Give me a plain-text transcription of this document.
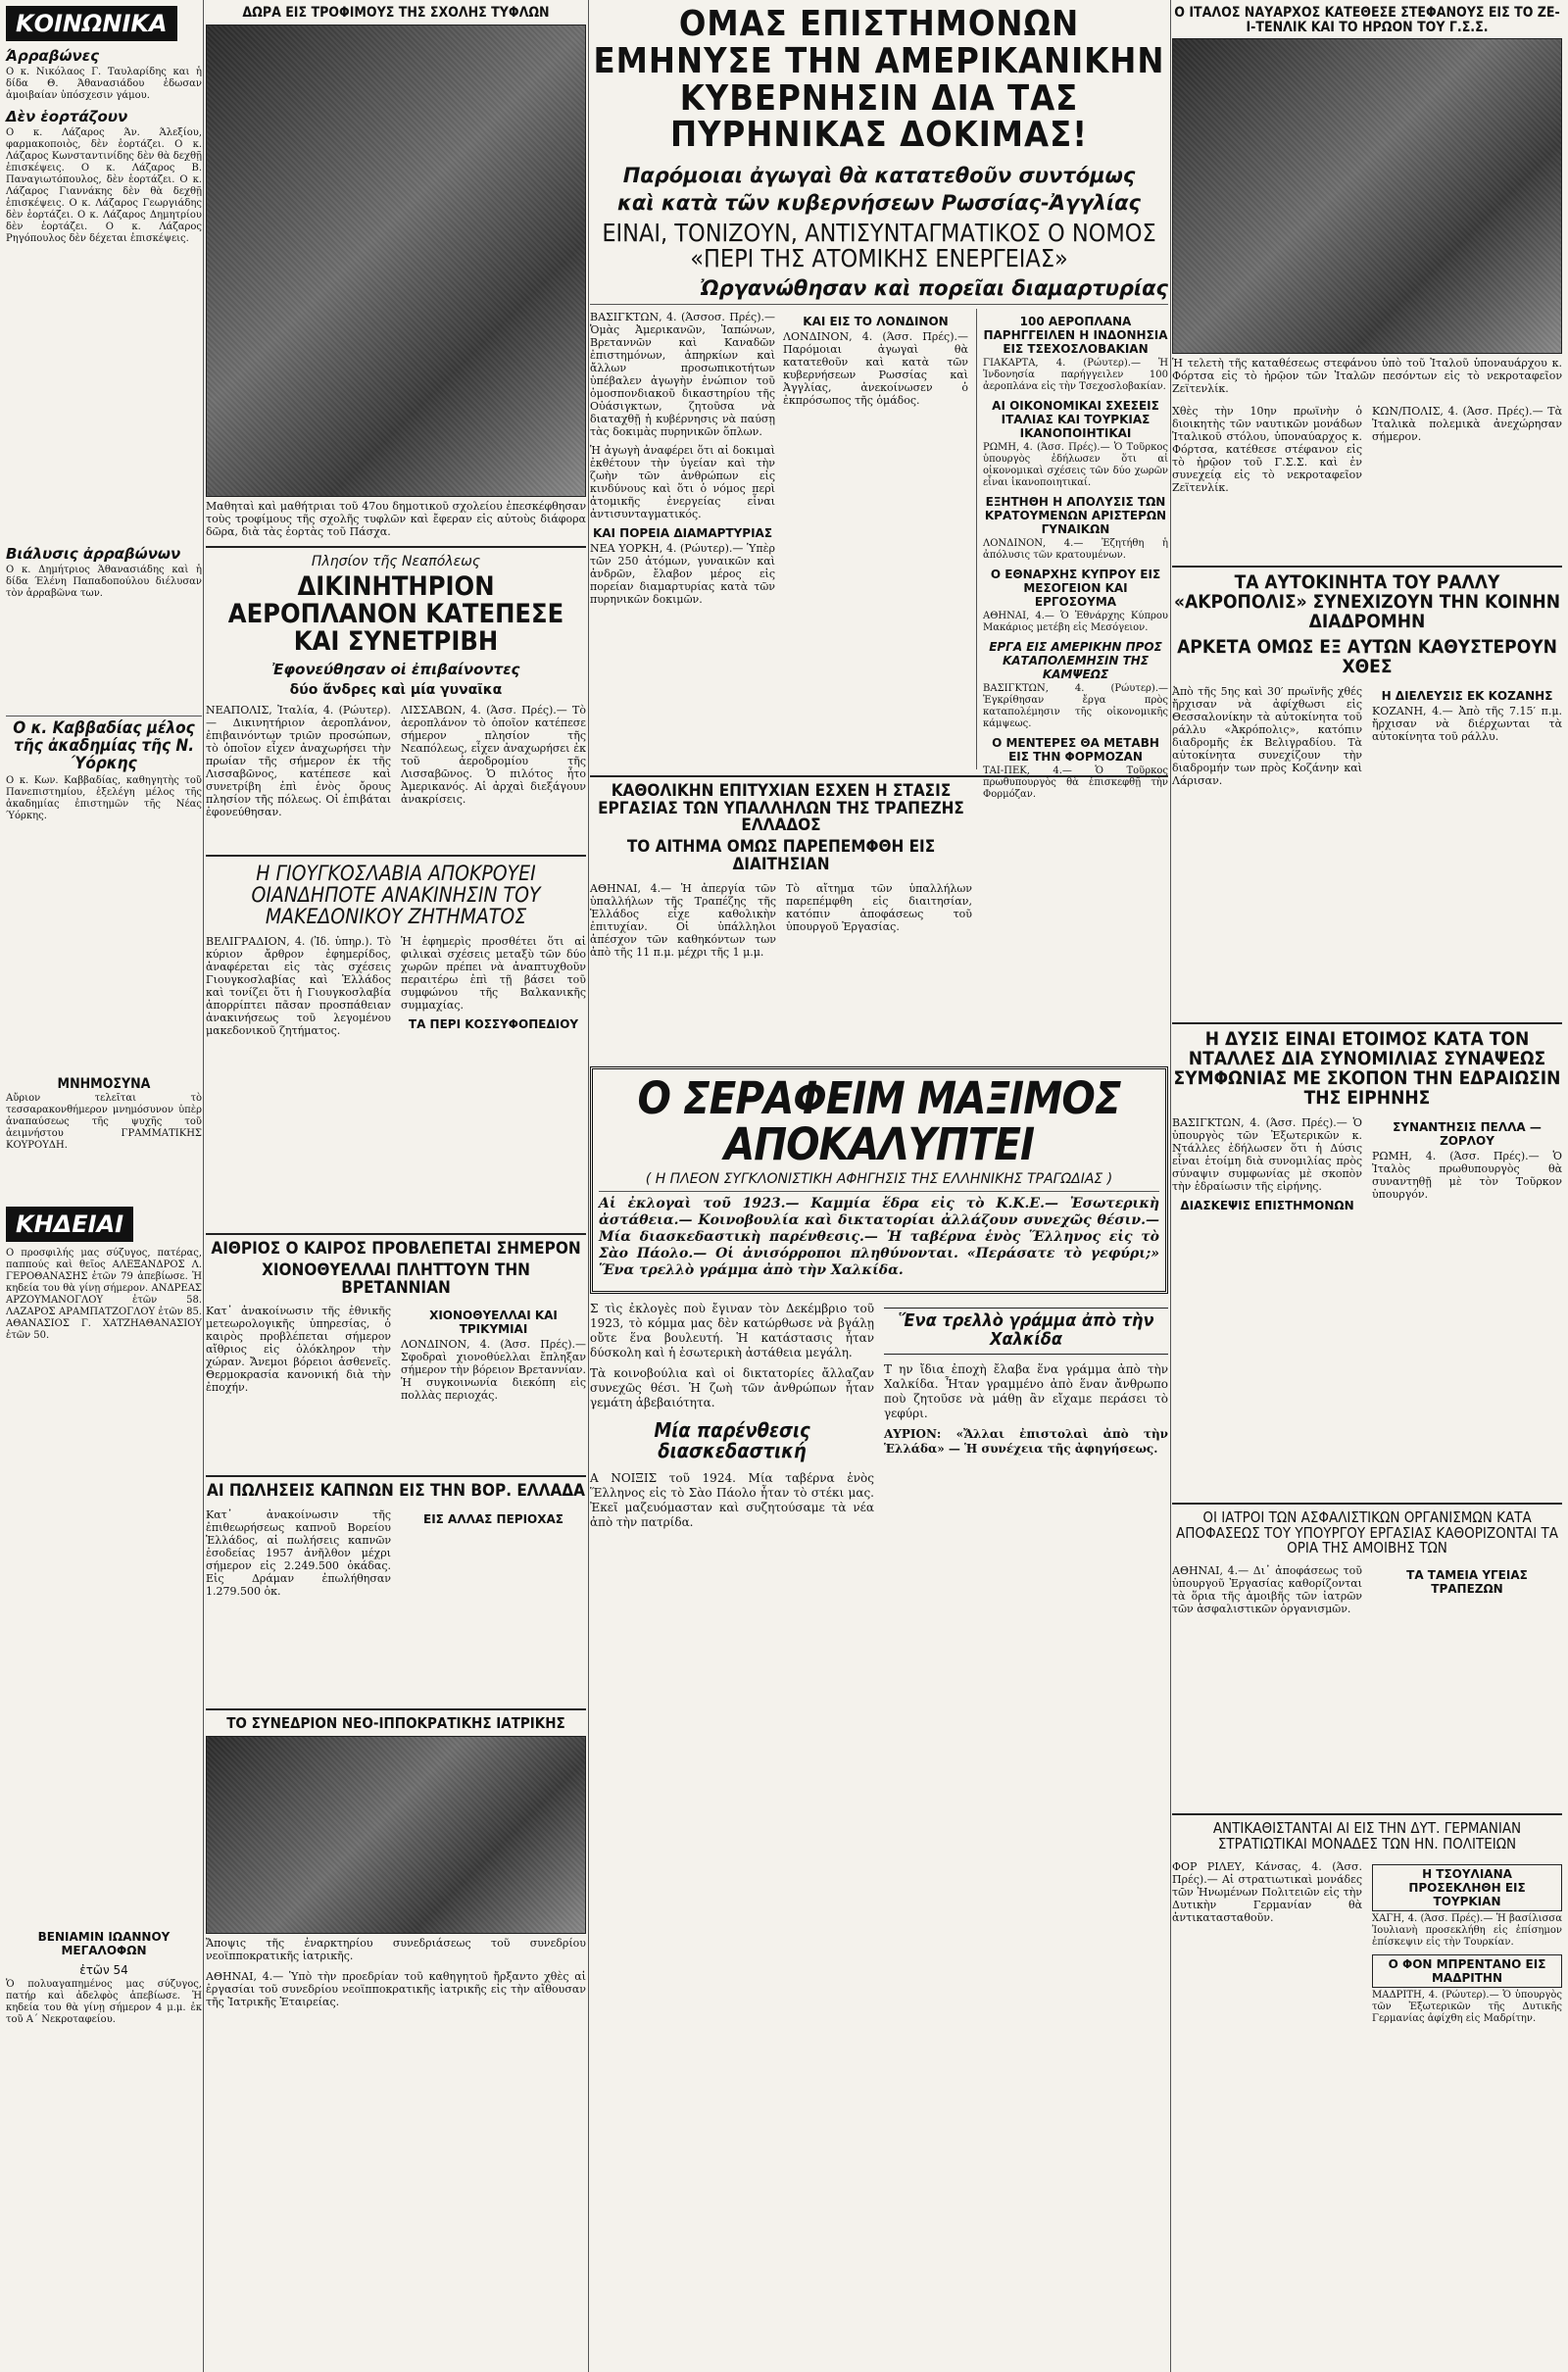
ΚΟΙΝΩΝΙΚΑ
Άρραβώνες

Ο κ. Νικόλαος Γ. Ταυλαρίδης και ἡ δίδα Θ. Άθανασιάδου ἐδωσαν ἀμοιβαίαν ὑπόσχεσιν γάμου.

Δὲν ἑορτάζουν

Ο κ. Λάζαρος Άν. Άλεξίου, φαρμακοποιὸς, δὲν ἑορτάζει. Ο κ. Λάζαρος Κωνσταντινίδης δὲν θὰ δεχθῇ ἐπισκέψεις. Ο κ. Λάζαρος Β. Παναγιωτόπουλος, δὲν ἑορτάζει. Ο κ. Λάζαρος Γιαννάκης δὲν θὰ δεχθῇ ἐπισκέψεις. Ο κ. Λάζαρος Γεωργιάδης δὲν ἑορτάζει. Ο κ. Λάζαρος Δημητρίου δὲν ἑορτάζει. Ο κ. Λάζαρος Ρηγόπουλος δὲν δέχεται ἐπισκέψεις.

Βιάλυσις ἀρραβώνων

Ο κ. Δημήτριος Άθανασιάδης καὶ ἡ δίδα Έλένη Παπαδοπούλου διέλυσαν τὸν ἀρραβῶνα των.

Ο κ. Καββαδίας μέλος τῆς ἀκαδημίας τῆς Ν. Ύόρκης

Ο κ. Κων. Καββαδίας, καθηγητὴς τοῦ Πανεπιστημίου, ἐξελέγη μέλος τῆς ἀκαδημίας ἐπιστημῶν τῆς Νέας Ύόρκης.

ΜΝΗΜΟΣΥΝΑ

Αὔριον τελεῖται τὸ τεσσαρακονθήμερον μνημόσυνον ὑπὲρ ἀναπαύσεως τῆς ψυχῆς τοῦ ἀειμνήστου ΓΡΑΜΜΑΤΙΚΗΣ ΚΟΥΡΟΥΔΗ.

ΚΗΔΕΙΑΙ

Ο προσφιλής μας σύζυγος, πατέρας, παππούς καὶ θεῖος ΑΛΕΞΑΝΔΡΟΣ Λ. ΓΕΡΟΘΑΝΑΣΗΣ ἐτῶν 79 ἀπεβίωσε. Ἡ κηδεία του θὰ γίνῃ σήμερον. ΑΝΔΡΕΑΣ ΑΡΖΟΥΜΑΝΟΓΛΟΥ ἐτῶν 58. ΛΑΖΑΡΟΣ ΑΡΑΜΠΑΤΖΟΓΛΟΥ ἐτῶν 85. ΑΘΑΝΑΣΙΟΣ Γ. ΧΑΤΖΗΑΘΑΝΑΣΙΟΥ ἐτῶν 50.

ΒΕΝΙΑΜΙΝ ΙΩΑΝΝΟΥ ΜΕΓΑΛΟΦΩΝ
ἐτῶν 54

Ὁ πολυαγαπημένος μας σύζυγος, πατήρ καὶ ἀδελφὸς ἀπεβίωσε. Ἡ κηδεία του θὰ γίνῃ σήμερον 4 μ.μ. ἐκ τοῦ Α΄ Νεκροταφείου.

ΔΩΡΑ ΕΙΣ ΤΡΟΦΙΜΟΥΣ ΤΗΣ ΣΧΟΛΗΣ ΤΥΦΛΩΝ

Μαθηταὶ καὶ μαθήτριαι τοῦ 47ου δημοτικοῦ σχολείου ἐπεσκέφθησαν τοὺς τροφίμους τῆς σχολῆς τυφλῶν καὶ ἔφεραν εἰς αὐτοὺς διάφορα δῶρα, διὰ τὰς ἑορτὰς τοῦ Πάσχα.

Πλησίον τῆς Νεαπόλεως
ΔΙΚΙΝΗΤΗΡΙΟΝ ΑΕΡΟΠΛΑΝΟΝ ΚΑΤΕΠΕΣΕ ΚΑΙ ΣΥΝΕΤΡΙΒΗ
Ἐφονεύθησαν οἱ ἐπιβαίνοντες
δύο ἄνδρες καὶ μία γυναῖκα

ΝΕΑΠΟΛΙΣ, Ἰταλία, 4. (Ρώυτερ).— Δικινητήριον ἀεροπλάνον, ἐπιβαινόντων τριῶν προσώπων, τὸ ὁποῖον εἶχεν ἀναχωρήσει τὴν πρωίαν τῆς σήμερον ἐκ τῆς Λισσαβῶνος, κατέπεσε καὶ συνετρίβη ἐπὶ ἑνὸς ὄρους πλησίον τῆς πόλεως. Οἱ ἐπιβάται ἐφονεύθησαν.

ΛΙΣΣΑΒΩΝ, 4. (Άσσ. Πρές).— Τὸ ἀεροπλάνον τὸ ὁποῖον κατέπεσε σήμερον πλησίον τῆς Νεαπόλεως, εἶχεν ἀναχωρήσει ἐκ τοῦ ἀεροδρομίου τῆς Λισσαβῶνος. Ὁ πιλότος ἦτο Ἀμερικανός. Αἱ ἀρχαὶ διεξάγουν ἀνακρίσεις.

Η ΓΙΟΥΓΚΟΣΛΑΒΙΑ ΑΠΟΚΡΟΥΕΙ ΟΙΑΝΔΗΠΟΤΕ ΑΝΑΚΙΝΗΣΙΝ ΤΟΥ ΜΑΚΕΔΟΝΙΚΟΥ ΖΗΤΗΜΑΤΟΣ

ΒΕΛΙΓΡΑΔΙΟΝ, 4. (Ἰδ. ὑπηρ.). Τὸ κύριον ἄρθρον ἐφημερίδος, ἀναφέρεται εἰς τὰς σχέσεις Γιουγκοσλαβίας καὶ Ἑλλάδος καὶ τονίζει ὅτι ἡ Γιουγκοσλαβία ἀπορρίπτει πᾶσαν προσπάθειαν ἀνακινήσεως τοῦ λεγομένου μακεδονικοῦ ζητήματος.

Ἡ ἐφημερὶς προσθέτει ὅτι αἱ φιλικαὶ σχέσεις μεταξὺ τῶν δύο χωρῶν πρέπει νὰ ἀναπτυχθοῦν περαιτέρω ἐπὶ τῇ βάσει τοῦ συμφώνου τῆς Βαλκανικῆς συμμαχίας.

ΤΑ ΠΕΡΙ ΚΟΣΣΥΦΟΠΕΔΙΟΥ
ΑΙΘΡΙΟΣ Ο ΚΑΙΡΟΣ ΠΡΟΒΛΕΠΕΤΑΙ ΣΗΜΕΡΟΝ
ΧΙΟΝΟΘΥΕΛΛΑΙ ΠΛΗΤΤΟΥΝ ΤΗΝ ΒΡΕΤΑΝΝΙΑΝ

Κατ᾿ ἀνακοίνωσιν τῆς ἐθνικῆς μετεωρολογικῆς ὑπηρεσίας, ὁ καιρὸς προβλέπεται σήμερον αἴθριος εἰς ὁλόκληρον τὴν χώραν. Ἄνεμοι βόρειοι ἀσθενεῖς. Θερμοκρασία κανονική διὰ τὴν ἐποχήν.

ΧΙΟΝΟΘΥΕΛΛΑΙ ΚΑΙ ΤΡΙΚΥΜΙΑΙ

ΛΟΝΔΙΝΟΝ, 4. (Άσσ. Πρές).— Σφοδραὶ χιονοθύελλαι ἔπληξαν σήμερον τὴν βόρειον Βρεταννίαν. Ἡ συγκοινωνία διεκόπη εἰς πολλὰς περιοχάς.

ΑΙ ΠΩΛΗΣΕΙΣ ΚΑΠΝΩΝ ΕΙΣ ΤΗΝ ΒΟΡ. ΕΛΛΑΔΑ

Κατ᾿ ἀνακοίνωσιν τῆς ἐπιθεωρήσεως καπνοῦ Βορείου Ἑλλάδος, αἱ πωλήσεις καπνῶν ἐσοδείας 1957 ἀνῆλθον μέχρι σήμερον εἰς 2.249.500 ὀκάδας. Εἰς Δράμαν ἐπωλήθησαν 1.279.500 ὀκ.

ΕΙΣ ΑΛΛΑΣ ΠΕΡΙΟΧΑΣ
ΤΟ ΣΥΝΕΔΡΙΟΝ ΝΕΟ-ΙΠΠΟΚΡΑΤΙΚΗΣ ΙΑΤΡΙΚΗΣ

Ἄποψις τῆς ἐναρκτηρίου συνεδριάσεως τοῦ συνεδρίου νεοϊπποκρατικῆς ἰατρικῆς.

ΑΘΗΝΑΙ, 4.— Ὑπὸ τὴν προεδρίαν τοῦ καθηγητοῦ ἤρξαντο χθὲς αἱ ἐργασίαι τοῦ συνεδρίου νεοϊπποκρατικῆς ἰατρικῆς εἰς τὴν αἴθουσαν τῆς Ἰατρικῆς Ἑταιρείας.

ΟΜΑΣ ΕΠΙΣΤΗΜΟΝΩΝ ΕΜΗΝΥΣΕ ΤΗΝ ΑΜΕΡΙΚΑΝΙΚΗΝ ΚΥΒΕΡΝΗΣΙΝ ΔΙΑ ΤΑΣ ΠΥΡΗΝΙΚΑΣ ΔΟΚΙΜΑΣ!
Παρόμοιαι ἀγωγαὶ θὰ κατατεθοῦν συντόμως
καὶ κατὰ τῶν κυβερνήσεων Ρωσσίας-Ἀγγλίας
ΕΙΝΑΙ, ΤΟΝΙΖΟΥΝ, ΑΝΤΙΣΥΝΤΑΓΜΑΤΙΚΟΣ Ο ΝΟΜΟΣ «ΠΕΡΙ ΤΗΣ ΑΤΟΜΙΚΗΣ ΕΝΕΡΓΕΙΑΣ»
Ὠργανώθησαν καὶ πορεῖαι διαμαρτυρίας

ΒΑΣΙΓΚΤΩΝ, 4. (Άσσοσ. Πρές).— Ὁμὰς Ἀμερικανῶν, Ἰαπώνων, Βρεταννῶν καὶ Καναδῶν ἐπιστημόνων, ἀπηρκίων καὶ ἄλλων προσωπικοτήτων ὑπέβαλεν ἀγωγὴν ἐνώπιον τοῦ ὁμοσπονδιακοῦ δικαστηρίου τῆς Οὐάσιγκτων, ζητοῦσα νὰ διαταχθῇ ἡ κυβέρνησις νὰ παύσῃ τὰς δοκιμὰς πυρηνικῶν ὅπλων.

Ἡ ἀγωγὴ ἀναφέρει ὅτι αἱ δοκιμαὶ ἐκθέτουν τὴν ὑγείαν καὶ τὴν ζωὴν τῶν ἀνθρώπων εἰς κινδύνους καὶ ὅτι ὁ νόμος περὶ ἀτομικῆς ἐνεργείας εἶναι ἀντισυνταγματικός.

ΚΑΙ ΠΟΡΕΙΑ ΔΙΑΜΑΡΤΥΡΙΑΣ

ΝΕΑ ΥΟΡΚΗ, 4. (Ρώυτερ).— Ὑπὲρ τῶν 250 ἀτόμων, γυναικῶν καὶ ἀνδρῶν, ἔλαβον μέρος εἰς πορείαν διαμαρτυρίας κατὰ τῶν πυρηνικῶν δοκιμῶν.

ΚΑΙ ΕΙΣ ΤΟ ΛΟΝΔΙΝΟΝ

ΛΟΝΔΙΝΟΝ, 4. (Άσσ. Πρές).— Παρόμοιαι ἀγωγαὶ θὰ κατατεθοῦν καὶ κατὰ τῶν κυβερνήσεων Ρωσσίας καὶ Ἀγγλίας, ἀνεκοίνωσεν ὁ ἐκπρόσωπος τῆς ὁμάδος.

100 ΑΕΡΟΠΛΑΝΑ ΠΑΡΗΓΓΕΙΛΕΝ Η ΙΝΔΟΝΗΣΙΑ ΕΙΣ ΤΣΕΧΟΣΛΟΒΑΚΙΑΝ

ΓΙΑΚΑΡΤΑ, 4. (Ρώυτερ).— Ἡ Ἰνδονησία παρήγγειλεν 100 ἀεροπλάνα εἰς τὴν Τσεχοσλοβακίαν.

ΑΙ ΟΙΚΟΝΟΜΙΚΑΙ ΣΧΕΣΕΙΣ ΙΤΑΛΙΑΣ ΚΑΙ ΤΟΥΡΚΙΑΣ ΙΚΑΝΟΠΟΙΗΤΙΚΑΙ

ΡΩΜΗ, 4. (Άσσ. Πρές).— Ὁ Τοῦρκος ὑπουργὸς ἐδήλωσεν ὅτι αἱ οἰκονομικαὶ σχέσεις τῶν δύο χωρῶν εἶναι ἱκανοποιητικαί.

ΕΞΗΤΗΘΗ Η ΑΠΟΛΥΣΙΣ ΤΩΝ ΚΡΑΤΟΥΜΕΝΩΝ ΑΡΙΣΤΕΡΩΝ ΓΥΝΑΙΚΩΝ

ΛΟΝΔΙΝΟΝ, 4.— Ἐζητήθη ἡ ἀπόλυσις τῶν κρατουμένων.

Ο ΕΘΝΑΡΧΗΣ ΚΥΠΡΟΥ ΕΙΣ ΜΕΣΟΓΕΙΟΝ ΚΑΙ ΕΡΓΟΣΟΥΜΑ

ΑΘΗΝΑΙ, 4.— Ὁ Ἐθνάρχης Κύπρου Μακάριος μετέβη εἰς Μεσόγειον.

ΕΡΓΑ ΕΙΣ ΑΜΕΡΙΚΗΝ ΠΡΟΣ ΚΑΤΑΠΟΛΕΜΗΣΙΝ ΤΗΣ ΚΑΜΨΕΩΣ

ΒΑΣΙΓΚΤΩΝ, 4. (Ρώυτερ).— Ἐγκρίθησαν ἔργα πρὸς καταπολέμησιν τῆς οἰκονομικῆς κάμψεως.

Ο ΜΕΝΤΕΡΕΣ ΘΑ ΜΕΤΑΒΗ ΕΙΣ ΤΗΝ ΦΟΡΜΟΖΑΝ

ΤΑΙ-ΠΕΚ, 4.— Ὁ Τοῦρκος πρωθυπουργὸς θὰ ἐπισκεφθῇ τὴν Φορμόζαν.

ΚΑΘΟΛΙΚΗΝ ΕΠΙΤΥΧΙΑΝ ΕΣΧΕΝ Η ΣΤΑΣΙΣ ΕΡΓΑΣΙΑΣ ΤΩΝ ΥΠΑΛΛΗΛΩΝ ΤΗΣ ΤΡΑΠΕΖΗΣ ΕΛΛΑΔΟΣ
ΤΟ ΑΙΤΗΜΑ ΟΜΩΣ ΠΑΡΕΠΕΜΦΘΗ ΕΙΣ ΔΙΑΙΤΗΣΙΑΝ

ΑΘΗΝΑΙ, 4.— Ἡ ἀπεργία τῶν ὑπαλλήλων τῆς Τραπέζης τῆς Ἑλλάδος εἶχε καθολικὴν ἐπιτυχίαν. Οἱ ὑπάλληλοι ἀπέσχον τῶν καθηκόντων των ἀπὸ τῆς 11 π.μ. μέχρι τῆς 1 μ.μ.

Τὸ αἴτημα τῶν ὑπαλλήλων παρεπέμφθη εἰς διαιτησίαν, κατόπιν ἀποφάσεως τοῦ ὑπουργοῦ Ἐργασίας.

Ο ΣΕΡΑΦΕΙΜ ΜΑΞΙΜΟΣ ΑΠΟΚΑΛΥΠΤΕΙ
( Η ΠΛΕΟΝ ΣΥΓΚΛΟΝΙΣΤΙΚΗ ΑΦΗΓΗΣΙΣ ΤΗΣ ΕΛΛΗΝΙΚΗΣ ΤΡΑΓΩΔΙΑΣ )

Αἱ ἐκλογαὶ τοῦ 1923.— Καμμία ἕδρα εἰς τὸ Κ.Κ.Ε.— Ἐσωτερικὴ ἀστάθεια.— Κοινοβουλία καὶ δικτατορίαι ἀλλάζουν συνεχῶς θέσιν.— Μία διασκεδαστικὴ παρένθεσις.— Ἡ ταβέρνα ἑνὸς Ἕλληνος εἰς τὸ Σὰο Πάολο.— Οἱ ἀνισόρροποι πληθύνονται. «Περάσατε τὸ γεφύρι;» Ἕνα τρελλὸ γράμμα ἀπὸ τὴν Χαλκίδα.

Σ τὶς ἐκλογὲς ποὺ ἔγιναν τὸν Δεκέμβριο τοῦ 1923, τὸ κόμμα μας δὲν κατώρθωσε νὰ βγάλῃ οὔτε ἕνα βουλευτή. Ἡ κατάστασις ἦταν δύσκολη καὶ ἡ ἐσωτερικὴ ἀστάθεια μεγάλη.

Τὰ κοινοβούλια καὶ οἱ δικτατορίες ἄλλαζαν συνεχῶς θέσι. Ἡ ζωὴ τῶν ἀνθρώπων ἦταν γεμάτη ἀβεβαιότητα.

Μία παρένθεσις διασκεδαστική

Α ΝΟΙΞΙΣ τοῦ 1924. Μία ταβέρνα ἑνὸς Ἕλληνος εἰς τὸ Σὰο Πάολο ἦταν τὸ στέκι μας. Ἐκεῖ μαζευόμασταν καὶ συζητούσαμε τὰ νέα ἀπὸ τὴν πατρίδα.

Ἕνα τρελλὸ γράμμα ἀπὸ τὴν Χαλκίδα

Τ ην ἴδια ἐποχὴ ἔλαβα ἕνα γράμμα ἀπὸ τὴν Χαλκίδα. Ἦταν γραμμένο ἀπὸ ἕναν ἄνθρωπο ποὺ ζητοῦσε νὰ μάθῃ ἂν εἴχαμε περάσει τὸ γεφύρι.

ΑΥΡΙΟΝ: «Ἄλλαι ἐπιστολαὶ ἀπὸ τὴν Ἑλλάδα» — Ἡ συνέχεια τῆς ἀφηγήσεως.

Ο ΙΤΑΛΟΣ ΝΑΥΑΡΧΟΣ ΚΑΤΕΘΕΣΕ ΣΤΕΦΑΝΟΥΣ ΕΙΣ ΤΟ ΖΕ-Ι-ΤΕΝΛΙΚ ΚΑΙ ΤΟ ΗΡΩΟΝ ΤΟΥ Γ.Σ.Σ.

Ἡ τελετὴ τῆς καταθέσεως στεφάνου ὑπὸ τοῦ Ἰταλοῦ ὑποναυάρχου κ. Φόρτσα εἰς τὸ ἡρῷον τῶν Ἰταλῶν πεσόντων εἰς τὸ νεκροταφεῖον Ζεϊτενλίκ.

Χθὲς τὴν 10ην πρωϊνὴν ὁ διοικητὴς τῶν ναυτικῶν μονάδων Ἰταλικοῦ στόλου, ὑποναύαρχος κ. Φόρτσα, κατέθεσε στέφανον εἰς τὸ ἡρῷον τοῦ Γ.Σ.Σ. καὶ ἐν συνεχείᾳ εἰς τὸ νεκροταφεῖον Ζεϊτενλίκ.

ΚΩΝ/ΠΟΛΙΣ, 4. (Άσσ. Πρές).— Τὰ Ἰταλικὰ πολεμικὰ ἀνεχώρησαν σήμερον.

ΤΑ ΑΥΤΟΚΙΝΗΤΑ ΤΟΥ ΡΑΛΛΥ «ΑΚΡΟΠΟΛΙΣ» ΣΥΝΕΧΙΖΟΥΝ ΤΗΝ ΚΟΙΝΗΝ ΔΙΑΔΡΟΜΗΝ
ΑΡΚΕΤΑ ΟΜΩΣ ΕΞ ΑΥΤΩΝ ΚΑΘΥΣΤΕΡΟΥΝ ΧΘΕΣ

Ἀπὸ τῆς 5ης καὶ 30′ πρωϊνῆς χθές ἤρχισαν νὰ ἀφίχθωσι εἰς Θεσσαλονίκην τὰ αὐτοκίνητα τοῦ ράλλυ «Ἀκρόπολις», κατόπιν διαδρομῆς ἐκ Βελιγραδίου. Τὰ αὐτοκίνητα συνεχίζουν τὴν διαδρομήν των πρὸς Κοζάνην καὶ Λάρισαν.

Η ΔΙΕΛΕΥΣΙΣ ΕΚ ΚΟΖΑΝΗΣ

ΚΟΖΑΝΗ, 4.— Ἀπὸ τῆς 7.15′ π.μ. ἤρχισαν νὰ διέρχωνται τὰ αὐτοκίνητα τοῦ ράλλυ.

Η ΔΥΣΙΣ ΕΙΝΑΙ ΕΤΟΙΜΟΣ ΚΑΤΑ ΤΟΝ ΝΤΑΛΛΕΣ ΔΙΑ ΣΥΝΟΜΙΛΙΑΣ ΣΥΝΑΨΕΩΣ ΣΥΜΦΩΝΙΑΣ ΜΕ ΣΚΟΠΟΝ ΤΗΝ ΕΔΡΑΙΩΣΙΝ ΤΗΣ ΕΙΡΗΝΗΣ

ΒΑΣΙΓΚΤΩΝ, 4. (Άσσ. Πρές).— Ὁ ὑπουργὸς τῶν Ἐξωτερικῶν κ. Ντάλλες ἐδήλωσεν ὅτι ἡ Δύσις εἶναι ἑτοίμη διὰ συνομιλίας πρὸς σύναψιν συμφωνίας μὲ σκοπὸν τὴν ἑδραίωσιν τῆς εἰρήνης.

ΔΙΑΣΚΕΨΙΣ ΕΠΙΣΤΗΜΟΝΩΝ
ΣΥΝΑΝΤΗΣΙΣ ΠΕΛΛΑ — ΖΟΡΛΟΥ

ΡΩΜΗ, 4. (Άσσ. Πρές).— Ὁ Ἰταλὸς πρωθυπουργὸς θὰ συναντηθῇ μὲ τὸν Τοῦρκον ὑπουργόν.

ΟΙ ΙΑΤΡΟΙ ΤΩΝ ΑΣΦΑΛΙΣΤΙΚΩΝ ΟΡΓΑΝΙΣΜΩΝ ΚΑΤΑ ΑΠΟΦΑΣΕΩΣ ΤΟΥ ΥΠΟΥΡΓΟΥ ΕΡΓΑΣΙΑΣ ΚΑΘΟΡΙΖΟΝΤΑΙ ΤΑ ΟΡΙΑ ΤΗΣ ΑΜΟΙΒΗΣ ΤΩΝ

ΑΘΗΝΑΙ, 4.— Δι᾿ ἀποφάσεως τοῦ ὑπουργοῦ Ἐργασίας καθορίζονται τὰ ὅρια τῆς ἀμοιβῆς τῶν ἰατρῶν τῶν ἀσφαλιστικῶν ὀργανισμῶν.

ΤΑ ΤΑΜΕΙΑ ΥΓΕΙΑΣ ΤΡΑΠΕΖΩΝ
ΑΝΤΙΚΑΘΙΣΤΑΝΤΑΙ ΑΙ ΕΙΣ ΤΗΝ ΔΥΤ. ΓΕΡΜΑΝΙΑΝ ΣΤΡΑΤΙΩΤΙΚΑΙ ΜΟΝΑΔΕΣ ΤΩΝ ΗΝ. ΠΟΛΙΤΕΙΩΝ

ΦΟΡ ΡΙΛΕΥ, Κάνσας, 4. (Άσσ. Πρές).— Αἱ στρατιωτικαὶ μονάδες τῶν Ἡνωμένων Πολιτειῶν εἰς τὴν Δυτικὴν Γερμανίαν θὰ ἀντικατασταθοῦν.

Η ΤΣΟΥΛΙΑΝΑ ΠΡΟΣΕΚΛΗΘΗ ΕΙΣ ΤΟΥΡΚΙΑΝ

ΧΑΓΗ, 4. (Άσσ. Πρές).— Ἡ βασίλισσα Ἰουλιανὴ προσεκλήθη εἰς ἐπίσημον ἐπίσκεψιν εἰς τὴν Τουρκίαν.

Ο ΦΟΝ ΜΠΡΕΝΤΑΝΟ ΕΙΣ ΜΑΔΡΙΤΗΝ

ΜΑΔΡΙΤΗ, 4. (Ρώυτερ).— Ὁ ὑπουργὸς τῶν Ἐξωτερικῶν τῆς Δυτικῆς Γερμανίας ἀφίχθη εἰς Μαδρίτην.
